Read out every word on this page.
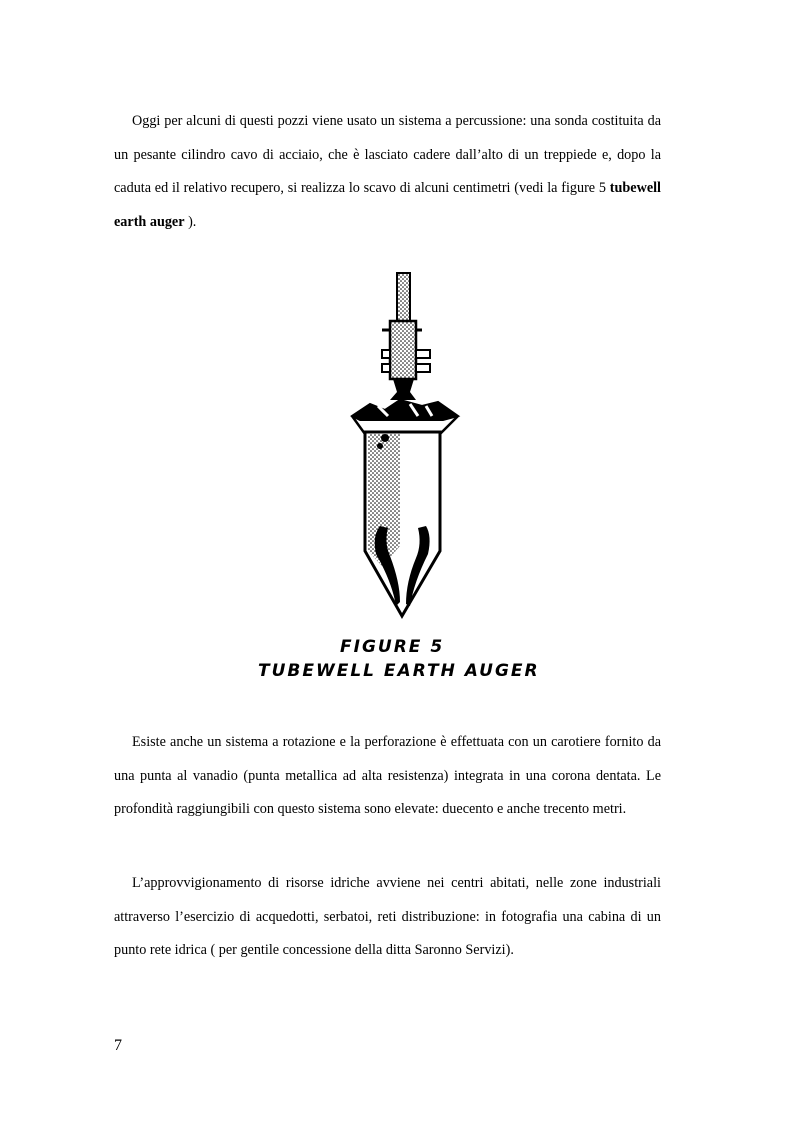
Oggi per alcuni di questi pozzi viene usato un sistema a percussione: una sonda costituita da un pesante cilindro cavo di acciaio, che è lasciato cadere dall’alto di un treppiede e, dopo la caduta ed il relativo recupero, si realizza lo scavo di alcuni centimetri (vedi la figure 5 tubewell earth auger ).

FIGURE 5
TUBEWELL EARTH AUGER

Esiste anche un sistema a rotazione e la perforazione è effettuata con un carotiere fornito da una punta al vanadio (punta metallica ad alta resistenza) integrata in una corona dentata. Le profondità raggiungibili con questo sistema sono elevate: duecento e anche trecento metri.

L’approvvigionamento di risorse idriche avviene nei centri abitati, nelle zone industriali attraverso l’esercizio di acquedotti, serbatoi, reti distribuzione: in fotografia una cabina di un punto rete idrica ( per gentile concessione della ditta Saronno Servizi).

7
